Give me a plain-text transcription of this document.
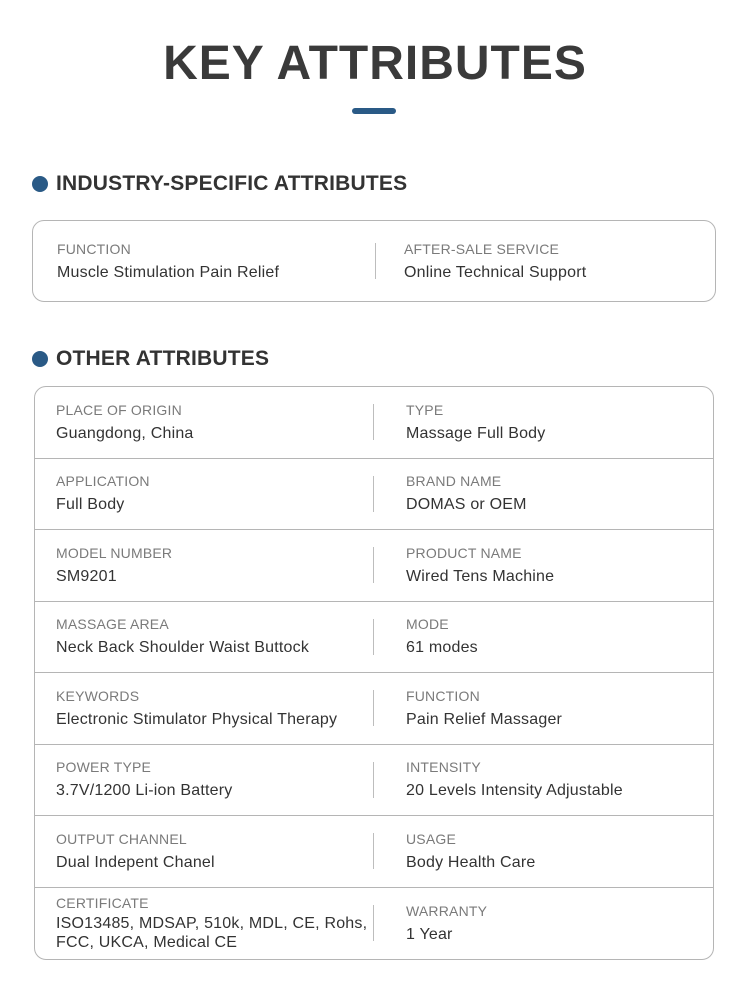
KEY ATTRIBUTES
INDUSTRY-SPECIFIC ATTRIBUTES
FUNCTION
Muscle Stimulation Pain Relief
AFTER-SALE SERVICE
Online Technical Support
OTHER ATTRIBUTES
PLACE OF ORIGIN
Guangdong, China
TYPE
Massage Full Body
APPLICATION
Full Body
BRAND NAME
DOMAS or OEM
MODEL NUMBER
SM9201
PRODUCT NAME
Wired Tens Machine
MASSAGE AREA
Neck Back Shoulder Waist Buttock
MODE
61 modes
KEYWORDS
Electronic Stimulator Physical Therapy
FUNCTION
Pain Relief Massager
POWER TYPE
3.7V/1200 Li-ion Battery
INTENSITY
20 Levels Intensity Adjustable
OUTPUT CHANNEL
Dual Indepent Chanel
USAGE
Body Health Care
CERTIFICATE
ISO13485, MDSAP, 510k, MDL, CE, Rohs,
FCC, UKCA, Medical CE
WARRANTY
1 Year
